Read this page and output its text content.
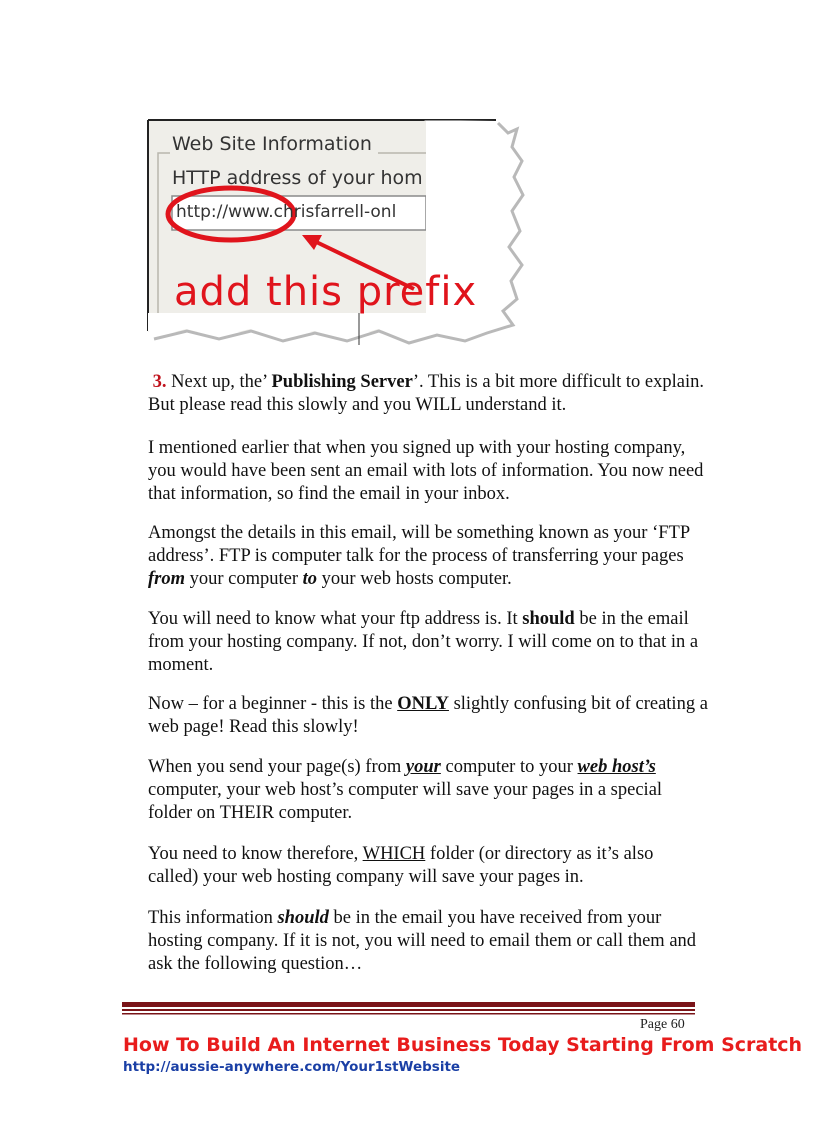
Web Site Information
HTTP address of your hom
http://www.chrisfarrell-onl
add this prefix

3. Next up, the’ Publishing Server’. This is a bit more difficult to explain. But please read this slowly and you WILL understand it.

I mentioned earlier that when you signed up with your hosting company, you would have been sent an email with lots of information. You now need that information, so find the email in your inbox.

Amongst the details in this email, will be something known as your ‘FTP address’. FTP is computer talk for the process of transferring your pages from your computer to your web hosts computer.

You will need to know what your ftp address is. It should be in the email from your hosting company. If not, don’t worry. I will come on to that in a moment.

Now – for a beginner - this is the ONLY slightly confusing bit of creating a web page! Read this slowly!

When you send your page(s) from your computer to your web host’s computer, your web host’s computer will save your pages in a special folder on THEIR computer.

You need to know therefore, WHICH folder (or directory as it’s also called) your web hosting company will save your pages in.

This information should be in the email you have received from your hosting company. If it is not, you will need to email them or call them and ask the following question…

Page 60
How To Build An Internet Business Today Starting From Scratch
http://aussie-anywhere.com/Your1stWebsite
